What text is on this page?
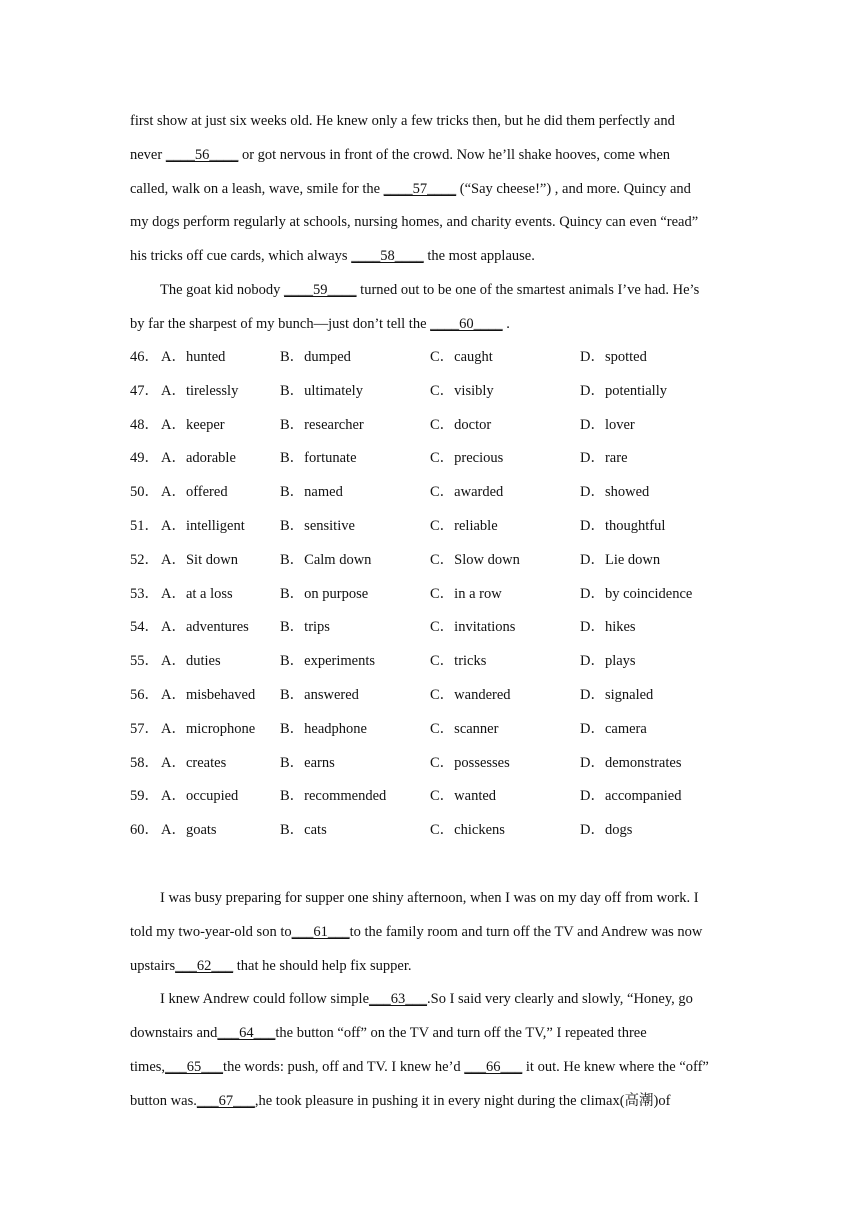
first show at just six weeks old. He knew only a few tricks then, but he did them perfectly and
never ____56____ or got nervous in front of the crowd. Now he’ll shake hooves, come when
called, walk on a leash, wave, smile for the ____57____ (“Say cheese!”) , and more. Quincy and
my dogs perform regularly at schools, nursing homes, and charity events. Quincy can even “read”
his tricks off cue cards, which always ____58____ the most applause.
The goat kid nobody ____59____ turned out to be one of the smartest animals I’ve had. He’s
by far the sharpest of my bunch—just don’t tell the ____60____ .
46． A．hunted	B．dumped	C．caught	D．spotted
47． A．tirelessly	B．ultimately	C．visibly	D．potentially
48． A．keeper	B．researcher	C．doctor	D．lover
49． A．adorable	B．fortunate	C．precious	D．rare
50． A．offered	B．named	C．awarded	D．showed
51． A．intelligent B．sensitive	C．reliable	D．thoughtful
52． A．Sit down	B．Calm down	C．Slow down	D．Lie down
53． A．at a loss	B．on purpose	C．in a row	D．by coincidence
54． A．adventures B．trips	C．invitations	D．hikes
55． A．duties	B．experiments	C．tricks	D．plays
56． A．misbehaved B．answered	C．wandered	D．signaled
57． A．microphone B．headphone	C．scanner	D．camera
58． A．creates	B．earns	C．possesses	D．demonstrates
59． A．occupied	B．recommended	C．wanted	D．accompanied
60． A．goats	B．cats	C．chickens	D．dogs
I was busy preparing for supper one shiny afternoon, when I was on my day off from work. I
told my two-year-old son to___61___to the family room and turn off the TV and Andrew was now
upstairs___62___ that he should help fix supper.
I knew Andrew could follow simple___63___.So I said very clearly and slowly, “Honey, go
downstairs and___64___the button “off” on the TV and turn off the TV,” I repeated three
times,___65___the words: push, off and TV. I knew he’d ___66___ it out. He knew where the “off”
button was.___67___,he took pleasure in pushing it in every night during the climax(高潮)of
